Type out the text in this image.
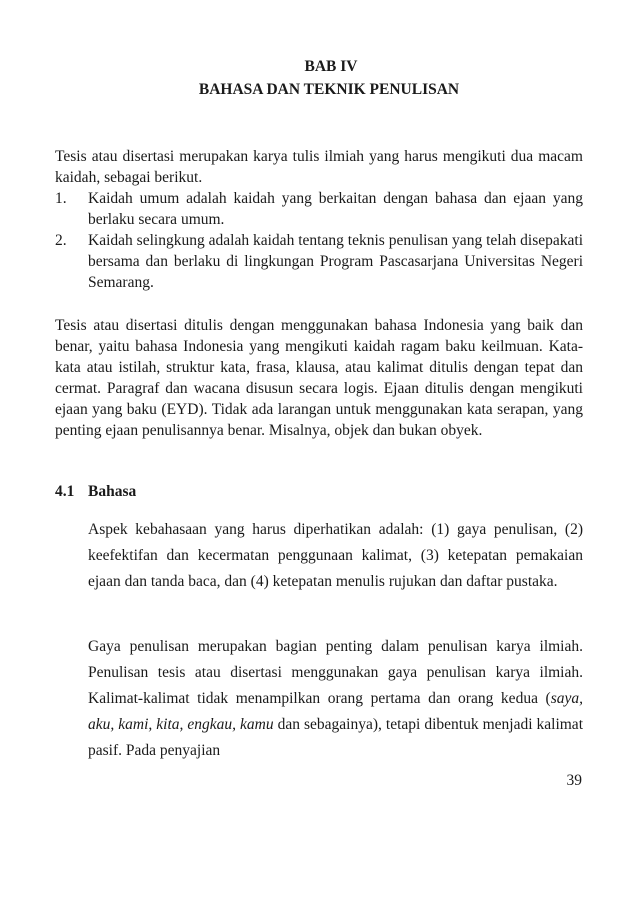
BAB IV
BAHASA DAN TEKNIK PENULISAN

Tesis atau disertasi merupakan karya tulis ilmiah yang harus mengikuti dua macam kaidah, sebagai berikut.

1. Kaidah umum adalah kaidah yang berkaitan dengan bahasa dan ejaan yang berlaku secara umum.
2. Kaidah selingkung adalah kaidah tentang teknis penulisan yang telah disepakati bersama dan berlaku di lingkungan Program Pascasarjana Universitas Negeri Semarang.

Tesis atau disertasi ditulis dengan menggunakan bahasa Indonesia yang baik dan benar, yaitu bahasa Indonesia yang mengikuti kaidah ragam baku keilmuan. Kata-kata atau istilah, struktur kata, frasa, klausa, atau kalimat ditulis dengan tepat dan cermat. Paragraf dan wacana disusun secara logis. Ejaan ditulis dengan mengikuti ejaan yang baku (EYD). Tidak ada larangan untuk menggunakan kata serapan, yang penting ejaan penulisannya benar. Misalnya, objek dan bukan obyek.

4.1 Bahasa

Aspek kebahasaan yang harus diperhatikan adalah: (1) gaya penulisan, (2) keefektifan dan kecermatan penggunaan kalimat, (3) ketepatan pemakaian ejaan dan tanda baca, dan (4) ketepatan menulis rujukan dan daftar pustaka.

Gaya penulisan merupakan bagian penting dalam penulisan karya ilmiah. Penulisan tesis atau disertasi menggunakan gaya penulisan karya ilmiah. Kalimat-kalimat tidak menampilkan orang pertama dan orang kedua (saya, aku, kami, kita, engkau, kamu dan sebagainya), tetapi dibentuk menjadi kalimat pasif. Pada penyajian

39
